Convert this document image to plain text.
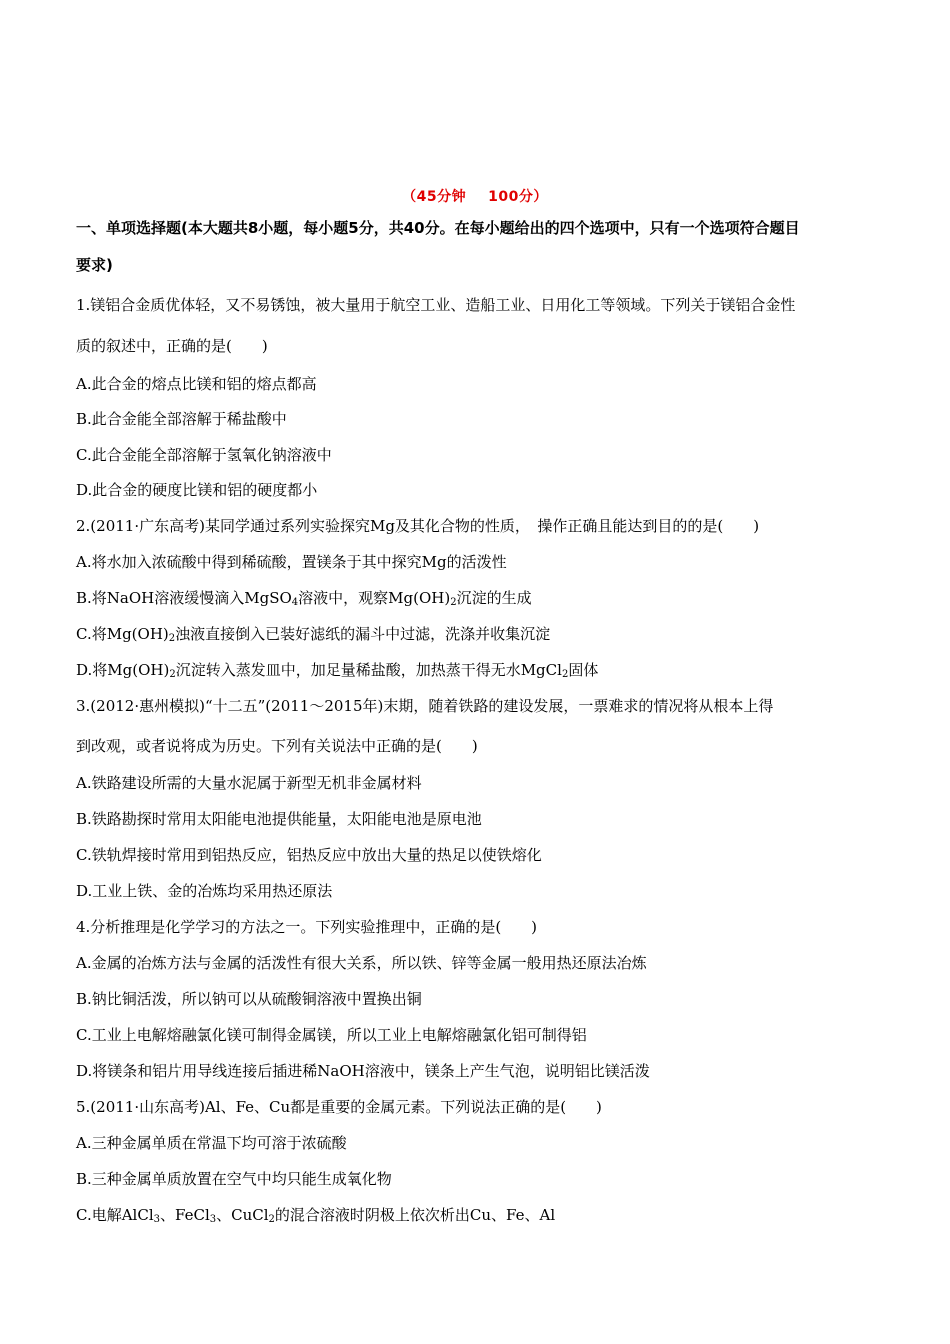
（45分钟 100分）
一、单项选择题(本大题共8小题，每小题5分，共40分。在每小题给出的四个选项中，只有一个选项符合题目
要求)
1.镁铝合金质优体轻，又不易锈蚀，被大量用于航空工业、造船工业、日用化工等领域。下列关于镁铝合金性
质的叙述中，正确的是(　　)
A.此合金的熔点比镁和铝的熔点都高
B.此合金能全部溶解于稀盐酸中
C.此合金能全部溶解于氢氧化钠溶液中
D.此合金的硬度比镁和铝的硬度都小
2.(2011·广东高考)某同学通过系列实验探究Mg及其化合物的性质，　操作正确且能达到目的的是(　　)
A.将水加入浓硫酸中得到稀硫酸，置镁条于其中探究Mg的活泼性
B.将NaOH溶液缓慢滴入MgSO$_4$溶液中，观察$Mg(OH)_2$沉淀的生成
C.将$Mg(OH)_2$浊液直接倒入已装好滤纸的漏斗中过滤，洗涤并收集沉淀
D.将$Mg(OH)_2$沉淀转入蒸发皿中，加足量稀盐酸，加热蒸干得无水MgCl$_2$固体
3.(2012·惠州模拟)“十二五”(2011～2015年)末期，随着铁路的建设发展，一票难求的情况将从根本上得
到改观，或者说将成为历史。下列有关说法中正确的是(　　)
A.铁路建设所需的大量水泥属于新型无机非金属材料
B.铁路勘探时常用太阳能电池提供能量，太阳能电池是原电池
C.铁轨焊接时常用到铝热反应，铝热反应中放出大量的热足以使铁熔化
D.工业上铁、金的冶炼均采用热还原法
4.分析推理是化学学习的方法之一。下列实验推理中，正确的是(　　)
A.金属的冶炼方法与金属的活泼性有很大关系，所以铁、锌等金属一般用热还原法冶炼
B.钠比铜活泼，所以钠可以从硫酸铜溶液中置换出铜
C.工业上电解熔融氯化镁可制得金属镁，所以工业上电解熔融氯化铝可制得铝
D.将镁条和铝片用导线连接后插进稀NaOH溶液中，镁条上产生气泡，说明铝比镁活泼
5.(2011·山东高考)Al、Fe、Cu都是重要的金属元素。下列说法正确的是(　　)
A.三种金属单质在常温下均可溶于浓硫酸
B.三种金属单质放置在空气中均只能生成氧化物
C.电解AlCl$_3$、FeCl$_3$、CuCl$_2$的混合溶液时阴极上依次析出Cu、Fe、Al
